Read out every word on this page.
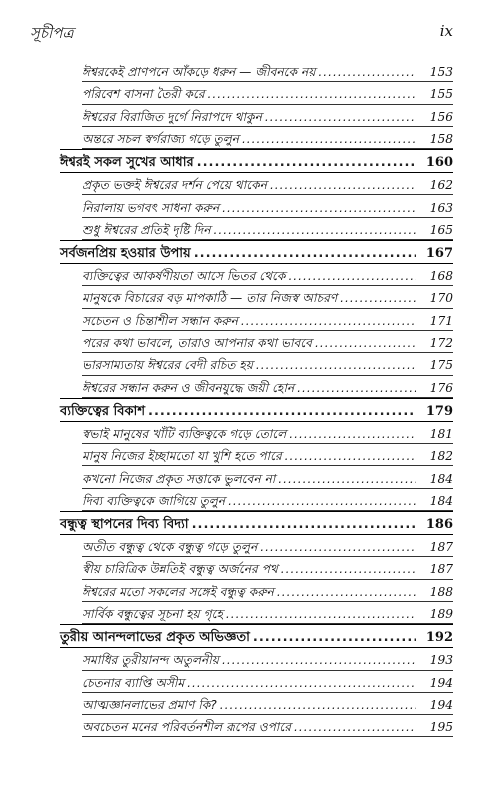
সূচীপত্র	ix
ঈশ্বরকেই প্রাণপনে আঁকড়ে ধরুন — জীবনকে নয় .....	153
পরিবেশ বাসনা তৈরী করে .....	155
ঈশ্বরের বিরাজিত দুর্গে নিরাপদে থাকুন .....	156
অন্তরে সচল স্বর্গরাজ্য গড়ে তুলুন .....	158
ঈশ্বরই সকল সুখের আধার .....	160
প্রকৃত ভক্তই ঈশ্বরের দর্শন পেয়ে থাকেন .....	162
নিরালায় ভগবৎ সাধনা করুন .....	163
শুধু ঈশ্বরের প্রতিই দৃষ্টি দিন .....	165
সর্বজনপ্রিয় হওয়ার উপায় .....	167
ব্যক্তিত্বের আকর্ষণীয়তা আসে ভিতর থেকে .....	168
মানুষকে বিচারের বড় মাপকাঠি — তার নিজস্ব আচরণ .....	170
সচেতন ও চিন্তাশীল সন্ধান করুন .....	171
পরের কথা ভাবলে, তারাও আপনার কথা ভাববে .....	172
ভারসাম্যতায় ঈশ্বরের বেদী রচিত হয় .....	175
ঈশ্বরের সন্ধান করুন ও জীবনযুদ্ধে জয়ী হোন .....	176
ব্যক্তিত্বের বিকাশ .....	179
স্বভাই মানুষের খাঁটি ব্যক্তিত্বকে গড়ে তোলে .....	181
মানুষ নিজের ইচ্ছামতো যা খুশি হতে পারে .....	182
কখনো নিজের প্রকৃত সত্তাকে ভুলবেন না .....	184
দিব্য ব্যক্তিত্বকে জাগিয়ে তুলুন .....	184
বন্ধুত্ব স্থাপনের দিব্য বিদ্যা .....	186
অতীত বন্ধুত্ব থেকে বন্ধুত্ব গড়ে তুলুন .....	187
স্বীয় চারিত্রিক উন্নতিই বন্ধুত্ব অর্জনের পথ .....	187
ঈশ্বরের মতো সকলের সঙ্গেই বন্ধুত্ব করুন .....	188
সার্বিক বন্ধুত্বের সূচনা হয় গৃহে .....	189
তুরীয় আনন্দলাভের প্রকৃত অভিজ্ঞতা .....	192
সমাধির তুরীয়ানন্দ অতুলনীয় .....	193
চেতনার ব্যাপ্তি অসীম .....	194
আত্মজ্ঞানলাভের প্রমাণ কি? .....	194
অবচেতন মনের পরিবর্তনশীল রূপের ওপারে .....	195
